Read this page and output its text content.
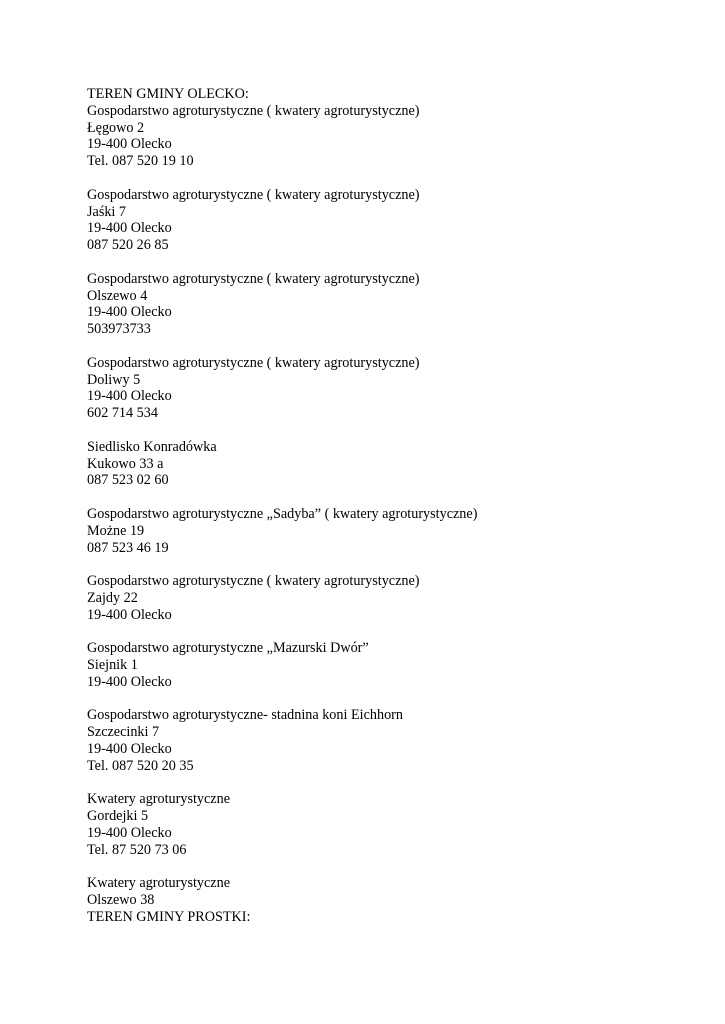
TEREN GMINY OLECKO:

Gospodarstwo agroturystyczne ( kwatery agroturystyczne)

Łęgowo 2

19-400 Olecko

Tel. 087 520 19 10

Gospodarstwo agroturystyczne ( kwatery agroturystyczne)

Jaśki 7

19-400 Olecko

087 520 26 85

Gospodarstwo agroturystyczne ( kwatery agroturystyczne)

Olszewo 4

19-400 Olecko

503973733

Gospodarstwo agroturystyczne ( kwatery agroturystyczne)

Doliwy 5

19-400 Olecko

602 714 534

Siedlisko Konradówka

Kukowo 33 a

087 523 02 60

Gospodarstwo agroturystyczne „Sadyba” ( kwatery agroturystyczne)

Możne 19

087 523 46 19

Gospodarstwo agroturystyczne ( kwatery agroturystyczne)

Zajdy 22

19-400 Olecko

Gospodarstwo agroturystyczne „Mazurski Dwór”

Siejnik 1

19-400 Olecko

Gospodarstwo agroturystyczne- stadnina koni Eichhorn

Szczecinki 7

19-400 Olecko

Tel. 087 520 20 35

Kwatery agroturystyczne

Gordejki 5

19-400 Olecko

Tel. 87 520 73 06

Kwatery agroturystyczne

Olszewo 38

TEREN GMINY PROSTKI:
